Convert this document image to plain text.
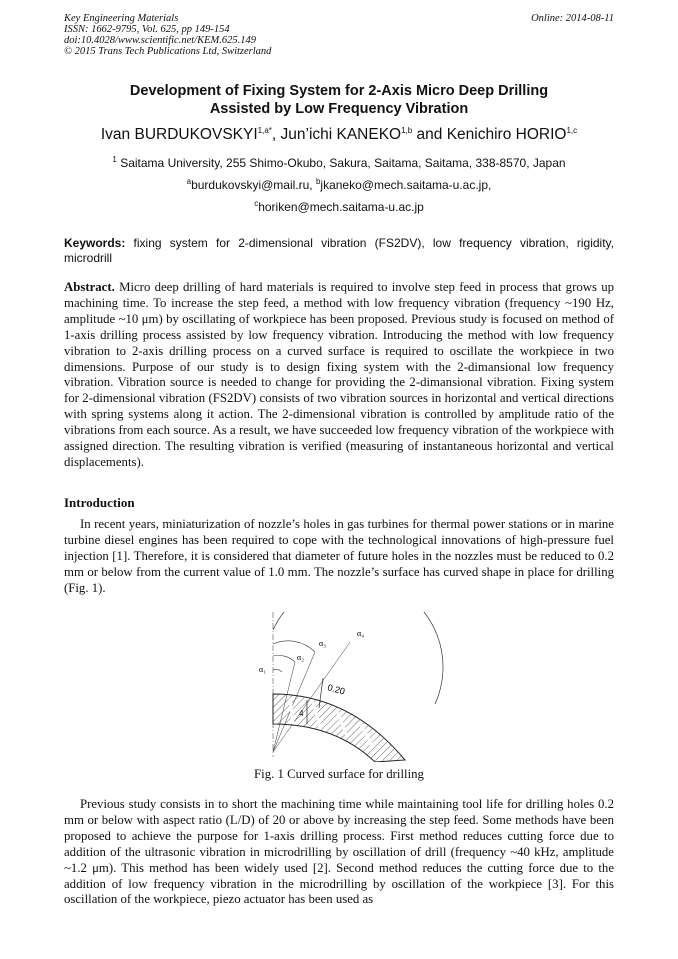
Key Engineering Materials
ISSN: 1662-9795, Vol. 625, pp 149-154
doi:10.4028/www.scientific.net/KEM.625.149
© 2015 Trans Tech Publications Ltd, Switzerland
Online: 2014-08-11
Development of Fixing System for 2-Axis Micro Deep Drilling
Assisted by Low Frequency Vibration
Ivan $BURDUKOVSKYI^{1,a*}$, Jun’ichi KANEKO$^{1,b}$ and Kenichiro HORIO$^{1,c}$
$^1$ Saitama University, 255 Shimo-Okubo, Sakura, Saitama, Saitama, 338-8570, Japan
$^a$burdukovskyi@mail.ru, $^b$jkaneko@mech.saitama-u.ac.jp,
$^c$horiken@mech.saitama-u.ac.jp
Keywords: fixing system for 2-dimensional vibration (FS2DV), low frequency vibration, rigidity, microdrill
Abstract. Micro deep drilling of hard materials is required to involve step feed in process that grows up machining time. To increase the step feed, a method with low frequency vibration (frequency ~190 Hz, amplitude ~10 μm) by oscillating of workpiece has been proposed. Previous study is focused on method of 1-axis drilling process assisted by low frequency vibration. Introducing the method with low frequency vibration to 2-axis drilling process on a curved surface is required to oscillate the workpiece in two dimensions. Purpose of our study is to design fixing system with the 2-dimansional low frequency vibration. Vibration source is needed to change for providing the 2-dimansional vibration. Fixing system for 2-dimensional vibration (FS2DV) consists of two vibration sources in horizontal and vertical directions with spring systems along it action. The 2-dimensional vibration is controlled by amplitude ratio of the vibrations from each source. As a result, we have succeeded low frequency vibration of the workpiece with assigned direction. The resulting vibration is verified (measuring of instantaneous horizontal and vertical displacements).
Introduction
In recent years, miniaturization of nozzle’s holes in gas turbines for thermal power stations or in marine turbine diesel engines has been required to cope with the technological innovations of high-pressure fuel injection [1]. Therefore, it is considered that diameter of future holes in the nozzles must be reduced to 0.2 mm or below from the current value of 1.0 mm. The nozzle’s surface has curved shape in place for drilling (Fig. 1).
α₁
α₂
α₃
α₄
0.20
4
Fig. 1 Curved surface for drilling
Previous study consists in to short the machining time while maintaining tool life for drilling holes 0.2 mm or below with aspect ratio (L/D) of 20 or above by increasing the step feed. Some methods have been proposed to achieve the purpose for 1-axis drilling process. First method reduces cutting force due to addition of the ultrasonic vibration in microdrilling by oscillation of drill (frequency ~40 kHz, amplitude ~1.2 μm). This method has been widely used [2]. Second method reduces the cutting force due to the addition of low frequency vibration in the microdrilling by oscillation of the workpiece [3]. For this oscillation of the workpiece, piezo actuator has been used as
